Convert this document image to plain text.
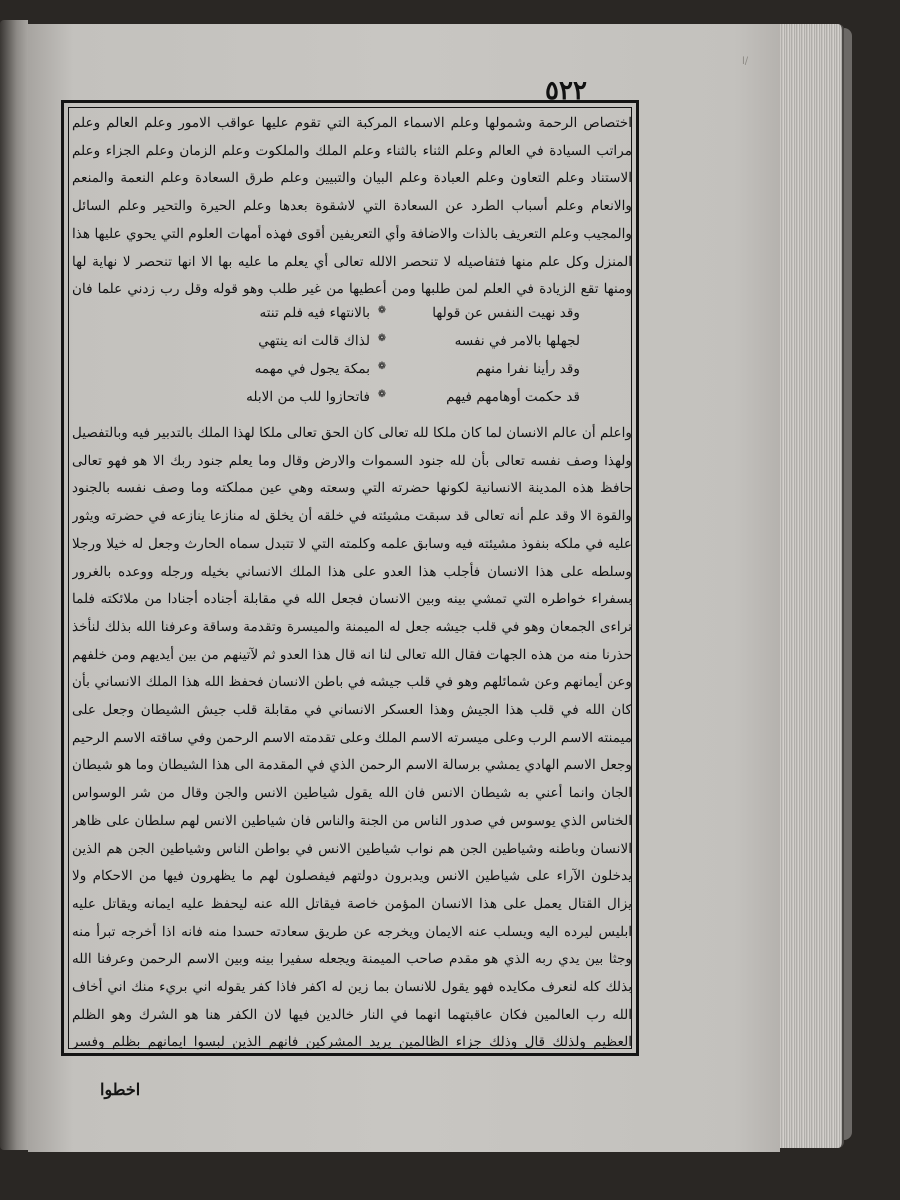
ا/
٥٢٢

اختصاص الرحمة وشمولها وعلم الاسماء المركبة التي تقوم عليها عواقب الامور وعلم العالم وعلم مراتب السيادة في العالم وعلم الثناء بالثناء وعلم الملك والملكوت وعلم الزمان وعلم الجزاء وعلم الاستناد وعلم التعاون وعلم العبادة وعلم البيان والتبيين وعلم طرق السعادة وعلم النعمة والمنعم والانعام وعلم أسباب الطرد عن السعادة التي لاشقوة بعدها وعلم الحيرة والتحير وعلم السائل والمجيب وعلم التعريف بالذات والاضافة وأي التعريفين أقوى فهذه أمهات العلوم التي يحوي عليها هذا المنزل وكل علم منها فتفاصيله لا تنحصر الالله تعالى أي يعلم ما عليه بها الا انها تنحصر لا نهاية لها ومنها تقع الزيادة في العلم لمن طلبها ومن أعطيها من غير طلب وهو قوله وقل رب زدني علما فان

واعلم أن عالم الانسان لما كان ملكا لله تعالى كان الحق تعالى ملكا لهذا الملك بالتدبير فيه وبالتفصيل ولهذا وصف نفسه تعالى بأن لله جنود السموات والارض وقال وما يعلم جنود ربك الا هو فهو تعالى حافظ هذه المدينة الانسانية لكونها حضرته التي وسعته وهي عين مملكته وما وصف نفسه بالجنود والقوة الا وقد علم أنه تعالى قد سبقت مشيئته في خلقه أن يخلق له منازعا ينازعه في حضرته ويثور عليه في ملكه بنفوذ مشيئته فيه وسابق علمه وكلمته التي لا تتبدل سماه الحارث وجعل له خيلا ورجلا وسلطه على هذا الانسان فأجلب هذا العدو على هذا الملك الانساني بخيله ورجله ووعده بالغرور بسفراء خواطره التي تمشي بينه وبين الانسان فجعل الله في مقابلة أجناده أجنادا من ملائكته فلما تراءى الجمعان وهو في قلب جيشه جعل له الميمنة والميسرة وتقدمة وساقة وعرفنا الله بذلك لنأخذ حذرنا منه من هذه الجهات فقال الله تعالى لنا انه قال هذا العدو ثم لآتينهم من بين أيديهم ومن خلفهم وعن أيمانهم وعن شمائلهم وهو في قلب جيشه في باطن الانسان فحفظ الله هذا الملك الانساني بأن كان الله في قلب هذا الجيش وهذا العسكر الانساني في مقابلة قلب جيش الشيطان وجعل على ميمنته الاسم الرب وعلى ميسرته الاسم الملك وعلى تقدمته الاسم الرحمن وفي ساقته الاسم الرحيم وجعل الاسم الهادي يمشي برسالة الاسم الرحمن الذي في المقدمة الى هذا الشيطان وما هو شيطان الجان وانما أعني به شيطان الانس فان الله يقول شياطين الانس والجن وقال من شر الوسواس الخناس الذي يوسوس في صدور الناس من الجنة والناس فان شياطين الانس لهم سلطان على ظاهر الانسان وباطنه وشياطين الجن هم نواب شياطين الانس في بواطن الناس وشياطين الجن هم الذين يدخلون الآراء على شياطين الانس ويدبرون دولتهم فيفصلون لهم ما يظهرون فيها من الاحكام ولا يزال القتال يعمل على هذا الانسان المؤمن خاصة فيقاتل الله عنه ليحفظ عليه ايمانه ويقاتل عليه ابليس ليرده اليه ويسلب عنه الايمان ويخرجه عن طريق سعادته حسدا منه فانه اذا أخرجه تبرأ منه وجثا بين يدي ربه الذي هو مقدم صاحب الميمنة ويجعله سفيرا بينه وبين الاسم الرحمن وعرفنا الله بذلك كله لنعرف مكايده فهو يقول للانسان بما زين له اكفر فاذا كفر يقوله اني بريء منك اني أخاف الله رب العالمين فكان عاقبتهما انهما في النار خالدين فيها لان الكفر هنا هو الشرك وهو الظلم العظيم ولذلك قال وذلك جزاء الظالمين يريد المشركين فانهم الذين لبسوا ايمانهم بظلم وفسر

وقد نهيت النفس عن قولها
❁
بالانتهاء فيه فلم تنته
لجهلها بالامر في نفسه
❁
لذاك قالت انه ينتهي
وقد رأينا نفرا منهم
❁
بمكة يجول في مهمه
قد حكمت أوهامهم فيهم
❁
فاتحازوا للب من الابله
اخطوا
